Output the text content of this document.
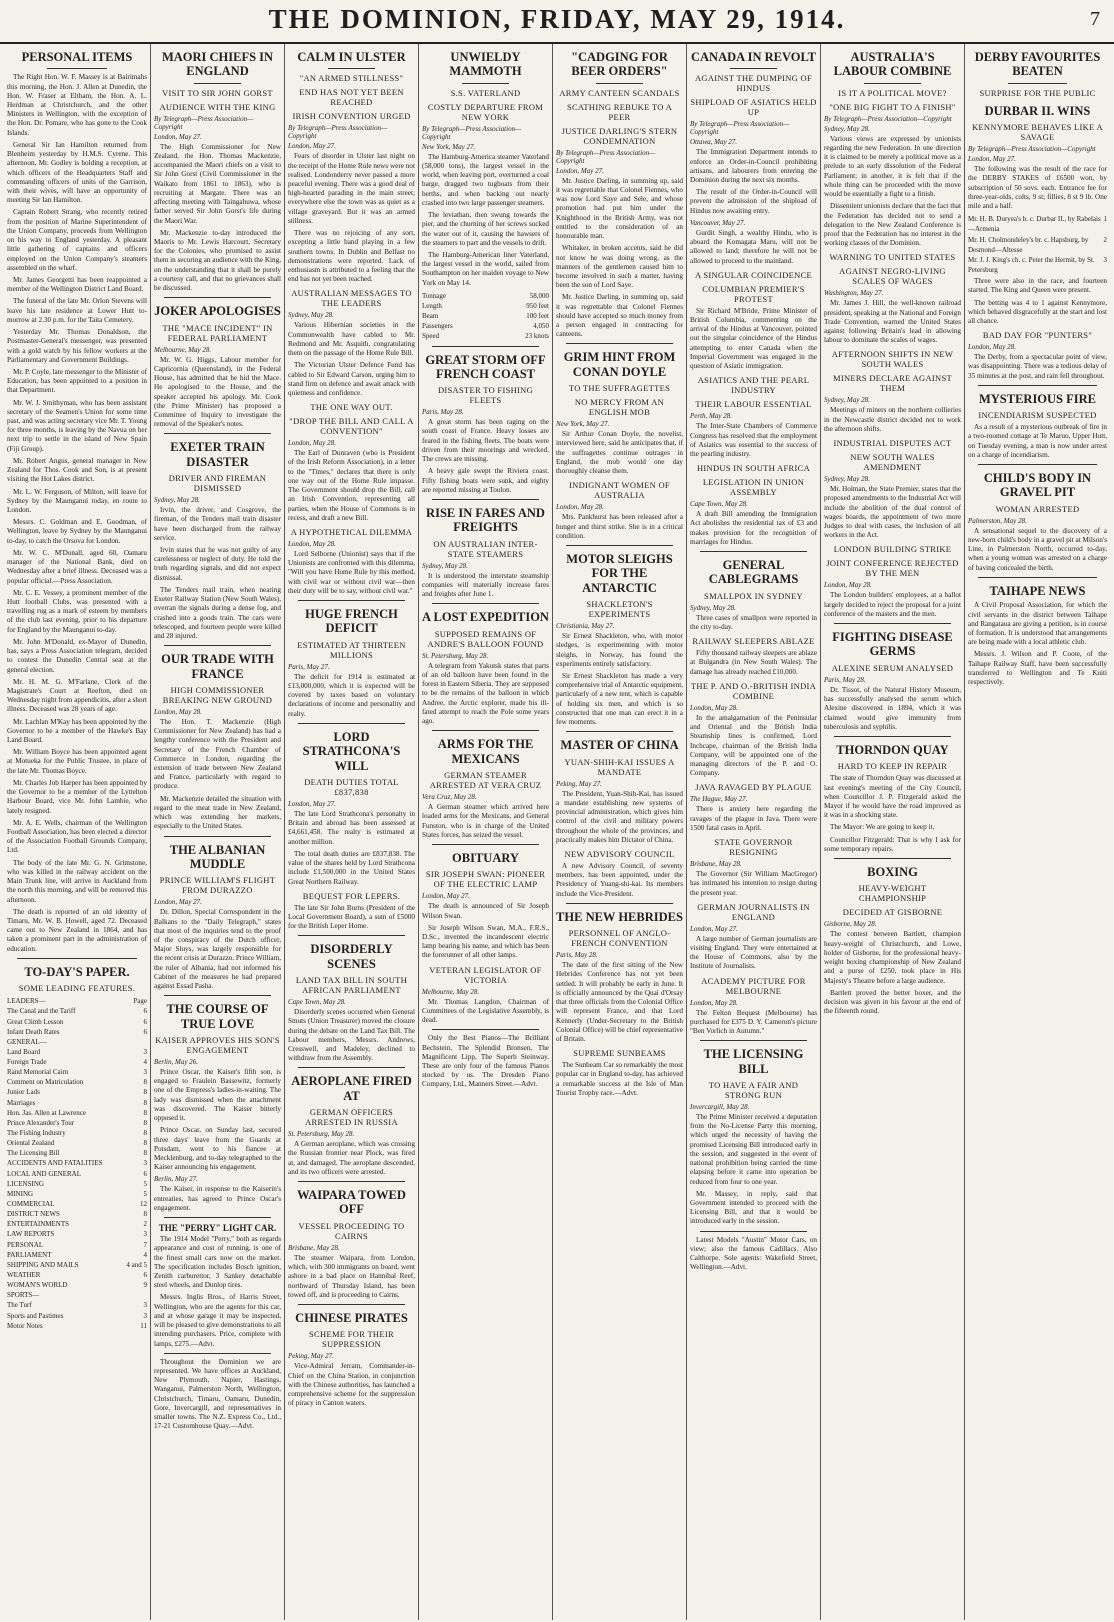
THE DOMINION, FRIDAY, MAY 29, 1914.	7
PERSONAL ITEMS

The Right Hon. W. F. Massey is at Bairimahs this morning, the Hon. J. Allen at Dunedin, the Hon. W. Fraser at Eltham, the Hon. A. L. Herdman at Christchurch, and the other Ministers in Wellington, with the exception of the Hon. Dr. Pomare, who has gone to the Cook Islands.

General Sir Ian Hamilton returned from Blenheim yesterday by H.M.S. Cyrene. This afternoon, Mr. Godley is holding a reception, at which officers of the Headquarters Staff and commanding officers of units of the Garrison, with their wives, will have an opportunity of meeting Sir Ian Hamilton.

Captain Robert Strang, who recently retired from the position of Marine Superintendent of the Union Company, proceeds from Wellington on his way to England yesterday. A pleasant little gathering of captains and officers employed on the Union Company's steamers assembled on the wharf.

Mr. James Georgetti has been reappointed a member of the Wellington District Land Board.

The funeral of the late Mr. Orlon Stevens will leave his late residence at Lower Hutt to-morrow at 2.30 p.m. for the Taita Cemetery.

Yesterday Mr. Thomas Donaldson, the Postmaster-General's messenger, was presented with a gold watch by his fellow workers at the Parliamentary and Government Buildings.

Mr. P. Coyle, late messenger to the Minister of Education, has been appointed to a position in that Department.

Mr. W. J. Smithyman, who has been assistant secretary of the Seamen's Union for some time past, and was acting secretary vice Mr. T. Young for three months, is leaving by the Navua on her next trip to settle in the island of New Spain (Fiji Group).

Mr. Robert Angus, general manager in New Zealand for Thos. Cook and Son, is at present visiting the Hot Lakes district.

Mr. L. W. Ferguson, of Milton, will leave for Sydney by the Maunganui today, en route to London.

Messrs. C. Goldman and E. Goodman, of Wellington, leave by Sydney by the Maunganui to-day, to catch the Orsova for London.

Mr. W. C. M'Donall, aged 60, Oamaru manager of the National Bank, died on Wednesday after a brief illness. Deceased was a popular official.—Press Association.

Mr. C. E. Vessey, a prominent member of the Hutt football Clubs, was presented with a travelling rug as a mark of esteem by members of the club last evening, prior to his departure for England by the Maunganui to-day.

Mr. John M'Donald, ex-Mayor of Dunedin, has, says a Press Association telegram, decided to contest the Dunedin Central seat at the general election.

Mr. H. M. G. M'Farlane, Clerk of the Magistrate's Court at Reefton, died on Wednesday night from appendicitis, after a short illness. Deceased was 28 years of age.

Mr. Lachlan M'Kay has been appointed by the Governor to be a member of the Hawke's Bay Land Board.

Mr. William Boyce has been appointed agent at Motueka for the Public Trustee, in place of the late Mr. Thomas Boyce.

Mr. Charles Job Harper has been appointed by the Governor to be a member of the Lyttelton Harbour Board, vice Mr. John Lambie, who lately resigned.

Mr. A. E. Wells, chairman of the Wellington Football Association, has been elected a director of the Association Football Grounds Company, Ltd.

The body of the late Mr. G. N. Grimstone, who was killed in the railway accident on the Main Trunk line, will arrive in Auckland from the north this morning, and will be removed this afternoon.

The death is reported of an old identity of Timaru, Mr. W. B. Howell, aged 72. Deceased came out to New Zealand in 1864, and has taken a prominent part in the administration of education.

TO-DAY'S PAPER.
SOME LEADING FEATURES.
LEADERS—	Page
The Canal and the Tariff	6
Great Climb Lesson	6
Infant Death Rates	6
GENERAL—
Land Board	3
Foreign Trade	4
Rand Memorial Cairn	3
Comment on Matriculation	8
Junior Lads	8
Marriages	8
Hon. Jas. Allen at Lawrence	8
Prince Alexander's Tour	8
The Fishing Industry	8
Oriental Zealand	8
The Licensing Bill	8
ACCIDENTS AND FATALITIES	3
LOCAL AND GENERAL	6
LICENSING	5
MINING	5
COMMERCIAL	12
DISTRICT NEWS	8
ENTERTAINMENTS	2
LAW REPORTS	3
PERSONAL	7
PARLIAMENT	4
SHIPPING AND MAILS	4 and 5
WEATHER	6
WOMAN'S WORLD	9
SPORTS—
The Turf	3
Sports and Pastimes	3
Motor Notes	11
MAORI CHIEFS IN ENGLAND
VISIT TO SIR JOHN GORST
AUDIENCE WITH THE KING
By Telegraph—Press Association—Copyright
London, May 27.

The High Commissioner for New Zealand, the Hon. Thomas Mackenzie, accompanied the Maori chiefs on a visit to Sir John Gorst (Civil Commissioner in the Waikato from 1861 to 1863), who is recruiting at Margate. There was an affecting meeting with Taingahuwa, whose father served Sir John Gorst's life during the Maori War.

Mr. Mackenzie to-day introduced the Maoris to Mr. Lewis Harcourt, Secretary for the Colonies, who promised to assist them in securing an audience with the King, on the understanding that it shall be purely a courtesy call, and that no grievances shall be discussed.

JOKER APOLOGISES
THE "MACE INCIDENT" IN FEDERAL PARLIAMENT
Melbourne, May 28.

Mr. W. G. Higgs, Labour member for Capricornia (Queensland), in the Federal House, has admitted that he hid the Mace. He apologised to the House, and the speaker accepted his apology. Mr. Cook (the Prime Minister) has proposed a Committee of Inquiry to investigate the removal of the Speaker's notes.

EXETER TRAIN DISASTER
DRIVER AND FIREMAN DISMISSED
Sydney, May 28.

Irvin, the driver, and Cosgrove, the fireman, of the Tenders mail train disaster have been discharged from the railway service.

Irvin states that he was not guilty of any carelessness or neglect of duty. He told the truth regarding signals, and did not expect dismissal.

The Tenders mail train, when nearing Exeter Railway Station (New South Wales), overran the signals during a dense fog, and crashed into a goods train. The cars were telescoped, and fourteen people were killed and 28 injured.

OUR TRADE WITH FRANCE
HIGH COMMISSIONER BREAKING NEW GROUND
London, May 28.

The Hon. T. Mackenzie (High Commissioner for New Zealand) has had a lengthy conference with the President and Secretary of the French Chamber of Commerce in London, regarding the extension of trade between New Zealand and France, particularly with regard to produce.

Mr. Mackenzie detailed the situation with regard to the meat trade in New Zealand, which was extending her markets, especially to the United States.

THE ALBANIAN MUDDLE
PRINCE WILLIAM'S FLIGHT FROM DURAZZO
London, May 27.

Dr. Dillon, Special Correspondent in the Balkans to the "Daily Telegraph," states that most of the inquiries tend to the proof of the conspiracy of the Dutch officer, Major Sluys, was largely responsible for the recent crisis at Durazzo. Prince William, the ruler of Albania, had not informed his Cabinet of the measures he had prepared against Essad Pasha.

THE COURSE OF TRUE LOVE
KAISER APPROVES HIS SON'S ENGAGEMENT
Berlin, May 26.

Prince Oscar, the Kaiser's fifth son, is engaged to Fraulein Bassewitz, formerly one of the Empress's ladies-in-waiting. The lady was dismissed when the attachment was discovered. The Kaiser bitterly opposed it.

Prince Oscar, on Sunday last, secured three days' leave from the Guards at Potsdam, went to his fiancee at Mecklenburg, and to-day telegraphed to the Kaiser announcing his engagement.

Berlin, May 27.

The Kaiser, in response to the Kaiserin's entreaties, has agreed to Prince Oscar's engagement.

THE "PERRY" LIGHT CAR.

The 1914 Model "Perry," both as regards appearance and cost of running, is one of the finest small cars now on the market. The specification includes Bosch ignition, Zenith carburettor, 3 Sankey detachable steel wheels, and Dunlop tires.

Messrs. Inglis Bros., of Harris Street, Wellington, who are the agents for this car, and at whose garage it may be inspected, will be pleased to give demonstrations to all intending purchasers. Price, complete with lamps, £275.—Advt.

Throughout the Dominion we are represented. We have offices at Auckland, New Plymouth, Napier, Hastings, Wanganui, Palmerston North, Wellington, Christchurch, Timaru, Oamaru, Dunedin, Gore, Invercargill, and representatives in smaller towns. The N.Z. Express Co., Ltd., 17-21 Customhouse Quay.—Advt.

CALM IN ULSTER
"AN ARMED STILLNESS"
END HAS NOT YET BEEN REACHED
IRISH CONVENTION URGED
By Telegraph—Press Association—Copyright
London, May 27.

Fears of disorder in Ulster last night on the receipt of the Home Rule news were not realised. Londonderry never passed a more peaceful evening. There was a good deal of high-hearted parading in the main street; everywhere else the town was as quiet as a village graveyard. But it was an armed stillness.

There was no rejoicing of any sort, excepting a little band playing in a few southern towns. In Dublin and Belfast no demonstrations were reported. Lack of enthusiasm is attributed to a feeling that the end has not yet been reached.

AUSTRALIAN MESSAGES TO THE LEADERS
Sydney, May 28.

Various Hibernian societies in the Commonwealth have cabled to Mr. Redmond and Mr. Asquith, congratulating them on the passage of the Home Rule Bill.

The Victorian Ulster Defence Fund has cabled to Sir Edward Carson, urging him to stand firm on defence and await attack with quietness and confidence.

THE ONE WAY OUT.
"DROP THE BILL AND CALL A CONVENTION"
London, May 28.

The Earl of Dunraven (who is President of the Irish Reform Association), in a letter to the "Times," declares that there is only one way out of the Home Rule impasse. The Government should drop the Bill, call an Irish Convention, representing all parties, when the House of Commons is in recess, and draft a new Bill.

A HYPOTHETICAL DILEMMA
London, May 28.

Lord Selborne (Unionist) says that if the Unionists are confronted with this dilemma, "Will you have Home Rule by this method, with civil war or without civil war—then their duty will be to say, without civil war."

HUGE FRENCH DEFICIT
ESTIMATED AT THIRTEEN MILLIONS
Paris, May 27.

The deficit for 1914 is estimated at £13,000,000, which it is expected will be covered by taxes based on voluntary declarations of income and personality and realty.

LORD STRATHCONA'S WILL
DEATH DUTIES TOTAL £837,838
London, May 27.

The late Lord Strathcona's personalty in Britain and abroad has been assessed at £4,661,458. The realty is estimated at another million.

The total death duties are £837,838. The value of the shares held by Lord Strathcona include £1,500,000 in the United States Great Northern Railway.

BEQUEST FOR LEPERS.

The late Sir John Burns (President of the Local Government Board), a sum of £5000 for the British Leper Home.

DISORDERLY SCENES
LAND TAX BILL IN SOUTH AFRICAN PARLIAMENT
Cape Town, May 28.

Disorderly scenes occurred when General Smuts (Union Treasurer) moved the closure during the debate on the Land Tax Bill. The Labour members, Messrs. Andrews, Cresswell, and Madeley, declined to withdraw from the Assembly.

AEROPLANE FIRED AT
GERMAN OFFICERS ARRESTED IN RUSSIA
St. Petersburg, May 28.

A German aeroplane, which was crossing the Russian frontier near Plock, was fired at, and damaged. The aeroplane descended, and its two officers were arrested.

WAIPARA TOWED OFF
VESSEL PROCEEDING TO CAIRNS
Brisbane, May 28.

The steamer Waipara, from London, which, with 300 immigrants on board, went ashore in a bad place on Hannibal Reef, northward of Thursday Island, has been towed off, and is proceeding to Cairns.

CHINESE PIRATES
SCHEME FOR THEIR SUPPRESSION
Peking, May 27.

Vice-Admiral Jerram, Commander-in-Chief on the China Station, in conjunction with the Chinese authorities, has launched a comprehensive scheme for the suppression of piracy in Canton waters.

UNWIELDY MAMMOTH
S.S. VATERLAND
COSTLY DEPARTURE FROM NEW YORK
By Telegraph—Press Association—Copyright
New York, May 27.

The Hamburg-America steamer Vaterland (58,000 tons), the largest vessel in the world, when leaving port, overturned a coal barge, dragged two tugboats from their berths, and when backing out nearly crashed into two large passenger steamers.

The leviathan, then swung towards the pier, and the churning of her screws sucked the water out of it, causing the hawsers of the steamers to part and the vessels to drift.

The Hamburg-American liner Vaterland, the largest vessel in the world, sailed from Southampton on her maiden voyage to New York on May 14.

Tonnage	58,000
Length	950 feet
Beam	100 feet
Passengers	4,050
Speed	23 knots
GREAT STORM OFF FRENCH COAST
DISASTER TO FISHING FLEETS
Paris, May 28.

A great storm has been raging on the south coast of France. Heavy losses are feared in the fishing fleets. The boats were driven from their moorings and wrecked. The crews are missing.

A heavy gale swept the Riviera coast. Fifty fishing boats were sunk, and eighty are reported missing at Toulon.

RISE IN FARES AND FREIGHTS
ON AUSTRALIAN INTER-STATE STEAMERS
Sydney, May 28.

It is understood the interstate steamship companies will materially increase fares and freights after June 1.

A LOST EXPEDITION
SUPPOSED REMAINS OF ANDRE'S BALLOON FOUND
St. Petersburg, May 28.

A telegram from Yakutsk states that parts of an old balloon have been found in the forest in Eastern Siberia. They are supposed to be the remains of the balloon in which Andree, the Arctic explorer, made his ill-fated attempt to reach the Pole some years ago.

ARMS FOR THE MEXICANS
GERMAN STEAMER ARRESTED AT VERA CRUZ
Vera Cruz, May 28.

A German steamer which arrived here loaded arms for the Mexicans, and General Funston, who is in charge of the United States forces, has seized the vessel.

OBITUARY
SIR JOSEPH SWAN: PIONEER OF THE ELECTRIC LAMP
London, May 27.

The death is announced of Sir Joseph Wilson Swan.

Sir Joseph Wilson Swan, M.A., F.R.S., D.Sc., invented the incandescent electric lamp bearing his name, and which has been the forerunner of all other lamps.

VETERAN LEGISLATOR OF VICTORIA
Melbourne, May 28.

Mr. Thomas Langdon, Chairman of Committees of the Legislative Assembly, is dead.

Only the Best Pianos—The Brilliant Bechstein, The Splendid Bronsen, The Magnificent Lipp, The Superb Steinway. These are only four of the famous Pianos stocked by us. The Dresden Piano Company, Ltd., Manners Street.—Advt.

"CADGING FOR BEER ORDERS"
ARMY CANTEEN SCANDALS
SCATHING REBUKE TO A PEER
JUSTICE DARLING'S STERN CONDEMNATION
By Telegraph—Press Association—Copyright
London, May 27.

Mr. Justice Darling, in summing up, said it was regrettable that Colonel Fiennes, who was now Lord Saye and Sele, and whose promotion had put him under the Knighthood in the British Army, was not entitled to the consideration of an honourable man.

Whitaker, in broken accents, said he did not know he was doing wrong, as the manners of the gentlemen caused him to become involved in such a matter, having been the son of Lord Saye.

Mr. Justice Darling, in summing up, said it was regrettable that Colonel Fiennes should have accepted so much money from a person engaged in contracting for canteens.

GRIM HINT FROM CONAN DOYLE
TO THE SUFFRAGETTES
NO MERCY FROM AN ENGLISH MOB
New York, May 27.

Sir Arthur Conan Doyle, the novelist, interviewed here, said he anticipates that, if the suffragettes continue outrages in England, the mob would one day thoroughly cleanse them.

INDIGNANT WOMEN OF AUSTRALIA
London, May 28.

Mrs. Pankhurst has been released after a hunger and thirst strike. She is in a critical condition.

MOTOR SLEIGHS FOR THE ANTARCTIC
SHACKLETON'S EXPERIMENTS
Christiania, May 27.

Sir Ernest Shackleton, who, with motor sledges, is experimenting with motor sleighs, in Norway, has found the experiments entirely satisfactory.

Sir Ernest Shackleton has made a very comprehensive trial of Antarctic equipment, particularly of a new tent, which is capable of holding six men, and which is so constructed that one man can erect it in a few moments.

MASTER OF CHINA
YUAN-SHIH-KAI ISSUES A MANDATE
Peking, May 27.

The President, Yuan-Shih-Kai, has issued a mandate establishing new systems of provincial administration, which gives him control of the civil and military powers throughout the whole of the provinces, and practically makes him Dictator of China.

NEW ADVISORY COUNCIL

A new Advisory Council, of seventy members, has been appointed, under the Presidency of Yuang-shi-kai. Its members include the Vice-President.

THE NEW HEBRIDES
PERSONNEL OF ANGLO-FRENCH CONVENTION
Paris, May 28.

The date of the first sitting of the New Hebrides Conference has not yet been settled. It will probably be early in June. It is officially announced by the Quai d'Orsay that three officials from the Colonial Office will represent France, and that Lord Kennerly (Under-Secretary to the British Colonial Office) will be chief representative of Britain.

SUPREME SUNBEAMS

The Sunbeam Car so remarkably the most popular car in England to-day, has achieved a remarkable success at the Isle of Man Tourist Trophy race.—Advt.

CANADA IN REVOLT
AGAINST THE DUMPING OF HINDUS
SHIPLOAD OF ASIATICS HELD UP
By Telegraph—Press Association—Copyright
Ottawa, May 27.

The Immigration Department intends to enforce an Order-in-Council prohibiting artisans, and labourers from entering the Dominion during the next six months.

The result of the Order-in-Council will prevent the admission of the shipload of Hindus now awaiting entry.

Vancouver, May 27.

Gurdit Singh, a wealthy Hindu, who is aboard the Komagata Maru, will not be allowed to land; therefore he will not be allowed to proceed to the mainland.

A SINGULAR COINCIDENCE
COLUMBIAN PREMIER'S PROTEST

Sir Richard M'Bride, Prime Minister of British Columbia, commenting on the arrival of the Hindus at Vancouver, pointed out the singular coincidence of the Hindus attempting to enter Canada when the Imperial Government was engaged in the question of Asiatic immigration.

ASIATICS AND THE PEARL INDUSTRY
THEIR LABOUR ESSENTIAL
Perth, May 28.

The Inter-State Chambers of Commerce Congress has resolved that the employment of Asiatics was essential to the success of the pearling industry.

HINDUS IN SOUTH AFRICA
LEGISLATION IN UNION ASSEMBLY
Cape Town, May 28.

A draft Bill amending the Immigration Act abolishes the residential tax of £3 and makes provision for the recognition of marriages for Hindus.

GENERAL CABLEGRAMS
SMALLPOX IN SYDNEY
Sydney, May 28.

Three cases of smallpox were reported in the city to-day.

RAILWAY SLEEPERS ABLAZE

Fifty thousand railway sleepers are ablaze at Bulgandra (in New South Wales). The damage has already reached £10,000.

THE P. AND O.-BRITISH INDIA COMBINE
London, May 28.

In the amalgamation of the Peninsular and Oriental and the British India Steamship lines is confirmed, Lord Inchcape, chairman of the British India Company, will be appointed one of the managing directors of the P. and O. Company.

JAVA RAVAGED BY PLAGUE
The Hague, May 27.

There is anxiety here regarding the ravages of the plague in Java. There were 1500 fatal cases in April.

STATE GOVERNOR RESIGNING
Brisbane, May 28.

The Governor (Sir William MacGregor) has intimated his intention to resign during the present year.

GERMAN JOURNALISTS IN ENGLAND
London, May 27.

A large number of German journalists are visiting England. They were entertained at the House of Commons, also by the Institute of Journalists.

ACADEMY PICTURE FOR MELBOURNE
London, May 28.

The Felton Bequest (Melbourne) has purchased for £375 D. Y. Cameron's picture "Ben Vorlich in Autumn."

THE LICENSING BILL
TO HAVE A FAIR AND STRONG RUN
Invercargill, May 28.

The Prime Minister received a deputation from the No-License Party this morning, which urged the necessity of having the promised Licensing Bill introduced early in the session, and suggested in the event of national prohibition being carried the time elapsing before it came into operation be reduced from four to one year.

Mr. Massey, in reply, said that Government intended to proceed with the Licensing Bill, and that it would be introduced early in the session.

Latest Models "Austin" Motor Cars, on view; also the famous Cadillacs. Also Calthorpe. Sole agents: Wakefield Street, Wellington.—Advt.

AUSTRALIA'S LABOUR COMBINE
IS IT A POLITICAL MOVE?
"ONE BIG FIGHT TO A FINISH"
By Telegraph—Press Association—Copyright
Sydney, May 28.

Various views are expressed by unionists regarding the new Federation. In one direction it is claimed to be merely a political move as a prelude to an early dissolution of the Federal Parliament; in another, it is felt that if the whole thing can be proceeded with the move would be essentially a fight to a finish.

Dissentient unionists declare that the fact that the Federation has decided not to send a delegation to the New Zealand Conference is proof that the Federation has no interest in the working classes of the Dominion.

WARNING TO UNITED STATES
AGAINST NEGRO-LIVING SCALES OF WAGES
Washington, May 27.

Mr. James J. Hill, the well-known railroad president, speaking at the National and Foreign Trade Convention, warned the United States against following Britain's lead in allowing labour to dominate the scales of wages.

AFTERNOON SHIFTS IN NEW SOUTH WALES
MINERS DECLARE AGAINST THEM
Sydney, May 28.

Meetings of miners on the northern collieries in the Newcastle district decided not to work the afternoon shifts.

INDUSTRIAL DISPUTES ACT
NEW SOUTH WALES AMENDMENT
Sydney, May 28.

Mr. Holman, the State Premier, states that the proposed amendments to the Industrial Act will include the abolition of the dual control of wages boards, the appointment of two more Judges to deal with cases, the inclusion of all workers in the Act.

LONDON BUILDING STRIKE
JOINT CONFERENCE REJECTED BY THE MEN
London, May 28.

The London builders' employees, at a ballot largely decided to reject the proposal for a joint conference of the masters and the men.

FIGHTING DISEASE GERMS
ALEXINE SERUM ANALYSED
Paris, May 28.

Dr. Tissot, of the Natural History Museum, has successfully analysed the serum which Alexine discovered in 1894, which it was claimed would give immunity from tuberculosis and syphilis.

THORNDON QUAY
HARD TO KEEP IN REPAIR

The state of Thorndon Quay was discussed at last evening's meeting of the City Council, when Councillor J. P. Fitzgerald asked the Mayor if he would have the road improved as it was in a shocking state.

The Mayor: We are going to keep it.

Councillor Fitzgerald: That is why I ask for some temporary repairs.

BOXING
HEAVY-WEIGHT CHAMPIONSHIP
DECIDED AT GISBORNE
Gisborne, May 28.

The contest between Bartlett, champion heavy-weight of Christchurch, and Lowe, holder of Gisborne, for the professional heavy-weight boxing championship of New Zealand and a purse of £250, took place in His Majesty's Theatre before a large audience.

Bartlett proved the better boxer, and the decision was given in his favour at the end of the fifteenth round.

DERBY FAVOURITES BEATEN
SURPRISE FOR THE PUBLIC
DURBAR II. WINS
KENNYMORE BEHAVES LIKE A SAVAGE
By Telegraph—Press Association—Copyright
London, May 27.

The following was the result of the race for the DERBY STAKES of £6500 won, by subscription of 50 sovs. each. Entrance fee for three-year-olds, colts, 9 st; fillies, 8 st 9 lb. One mile and a half.

Mr. H. B. Duryea's b. c. Durbar II., by Rabelais—Armenia
1
Mr. H. Cholmondeley's br. c. Hapsburg, by Desmond—Altesse
2
Mr. J. J. King's ch. c. Peter the Hermit, by St. Petersburg
3

Three were also in the race, and fourteen started. The King and Queen were present.

The betting was 4 to 1 against Kennymore, which behaved disgracefully at the start and lost all chance.

BAD DAY FOR "PUNTERS"
London, May 28.

The Derby, from a spectacular point of view, was disappointing. There was a tedious delay of 35 minutes at the post, and rain fell throughout.

MYSTERIOUS FIRE
INCENDIARISM SUSPECTED

As a result of a mysterious outbreak of fire in a two-roomed cottage at Te Maruo, Upper Hutt, on Tuesday evening, a man is now under arrest on a charge of incendiarism.

CHILD'S BODY IN GRAVEL PIT
WOMAN ARRESTED
Palmerston, May 28.

A sensational sequel to the discovery of a new-born child's body in a gravel pit at Milson's Line, in Palmerston North, occurred to-day, when a young woman was arrested on a charge of having concealed the birth.

TAIHAPE NEWS

A Civil Proposal Association, for which the civil servants in the district between Taihape and Rangataua are giving a petition, is in course of formation. It is understood that arrangements are being made with a local athletic club.

Messrs. J. Wilson and P. Coote, of the Taihape Railway Staff, have been successfully transferred to Wellington and Te Kuiti respectively.
